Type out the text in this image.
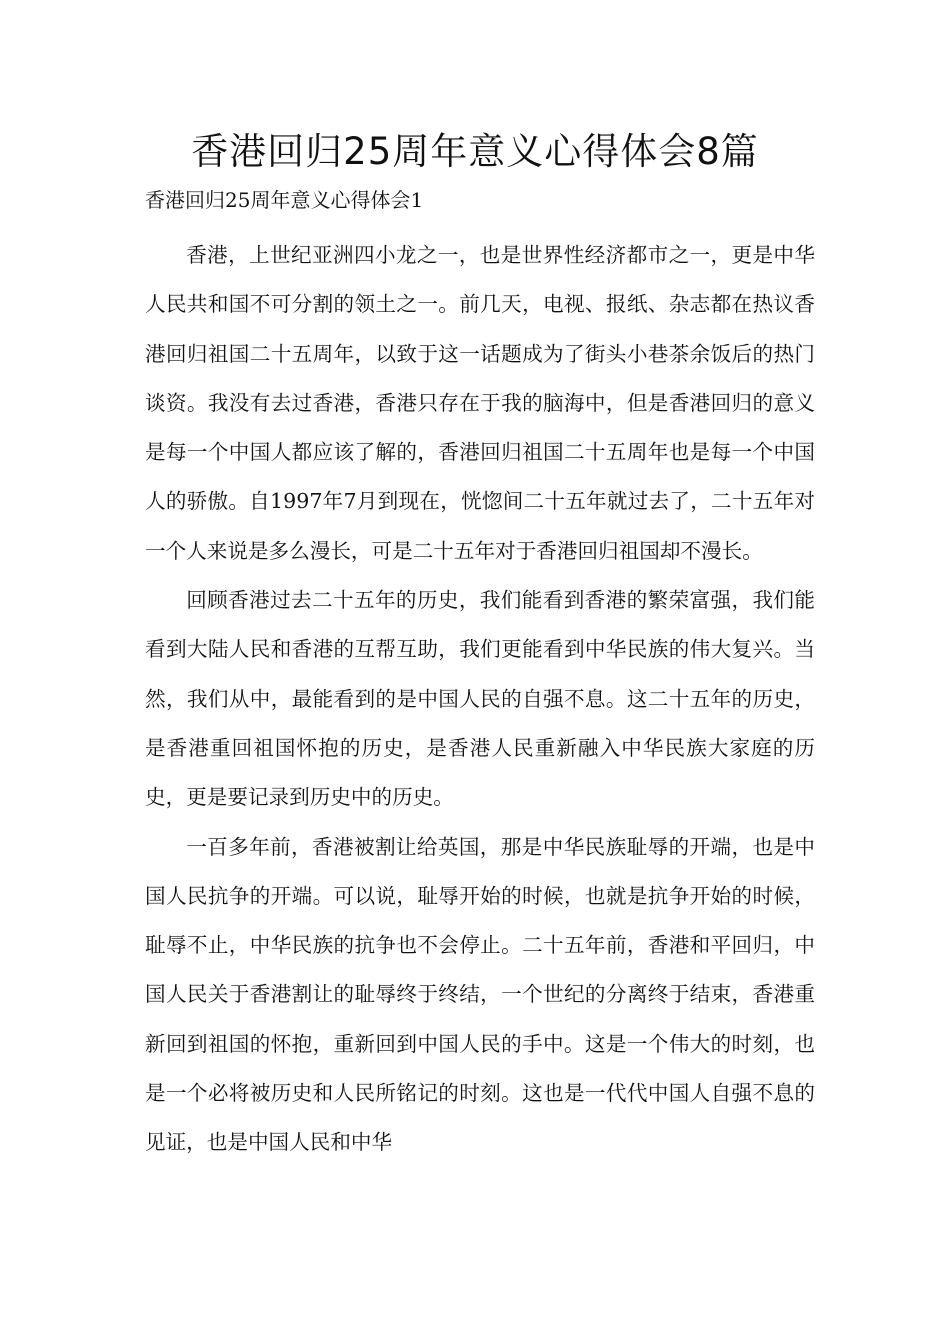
香港回归25周年意义心得体会8篇

香港回归25周年意义心得体会1

香港，上世纪亚洲四小龙之一，也是世界性经济都市之一，更是中华人民共和国不可分割的领土之一。前几天，电视、报纸、杂志都在热议香港回归祖国二十五周年，以致于这一话题成为了街头小巷茶余饭后的热门谈资。我没有去过香港，香港只存在于我的脑海中，但是香港回归的意义是每一个中国人都应该了解的，香港回归祖国二十五周年也是每一个中国人的骄傲。自1997年7月到现在，恍惚间二十五年就过去了，二十五年对一个人来说是多么漫长，可是二十五年对于香港回归祖国却不漫长。

回顾香港过去二十五年的历史，我们能看到香港的繁荣富强，我们能看到大陆人民和香港的互帮互助，我们更能看到中华民族的伟大复兴。当然，我们从中，最能看到的是中国人民的自强不息。这二十五年的历史，是香港重回祖国怀抱的历史，是香港人民重新融入中华民族大家庭的历史，更是要记录到历史中的历史。

一百多年前，香港被割让给英国，那是中华民族耻辱的开端，也是中国人民抗争的开端。可以说，耻辱开始的时候，也就是抗争开始的时候，耻辱不止，中华民族的抗争也不会停止。二十五年前，香港和平回归，中国人民关于香港割让的耻辱终于终结，一个世纪的分离终于结束，香港重新回到祖国的怀抱，重新回到中国人民的手中。这是一个伟大的时刻，也是一个必将被历史和人民所铭记的时刻。这也是一代代中国人自强不息的见证，也是中国人民和中华
